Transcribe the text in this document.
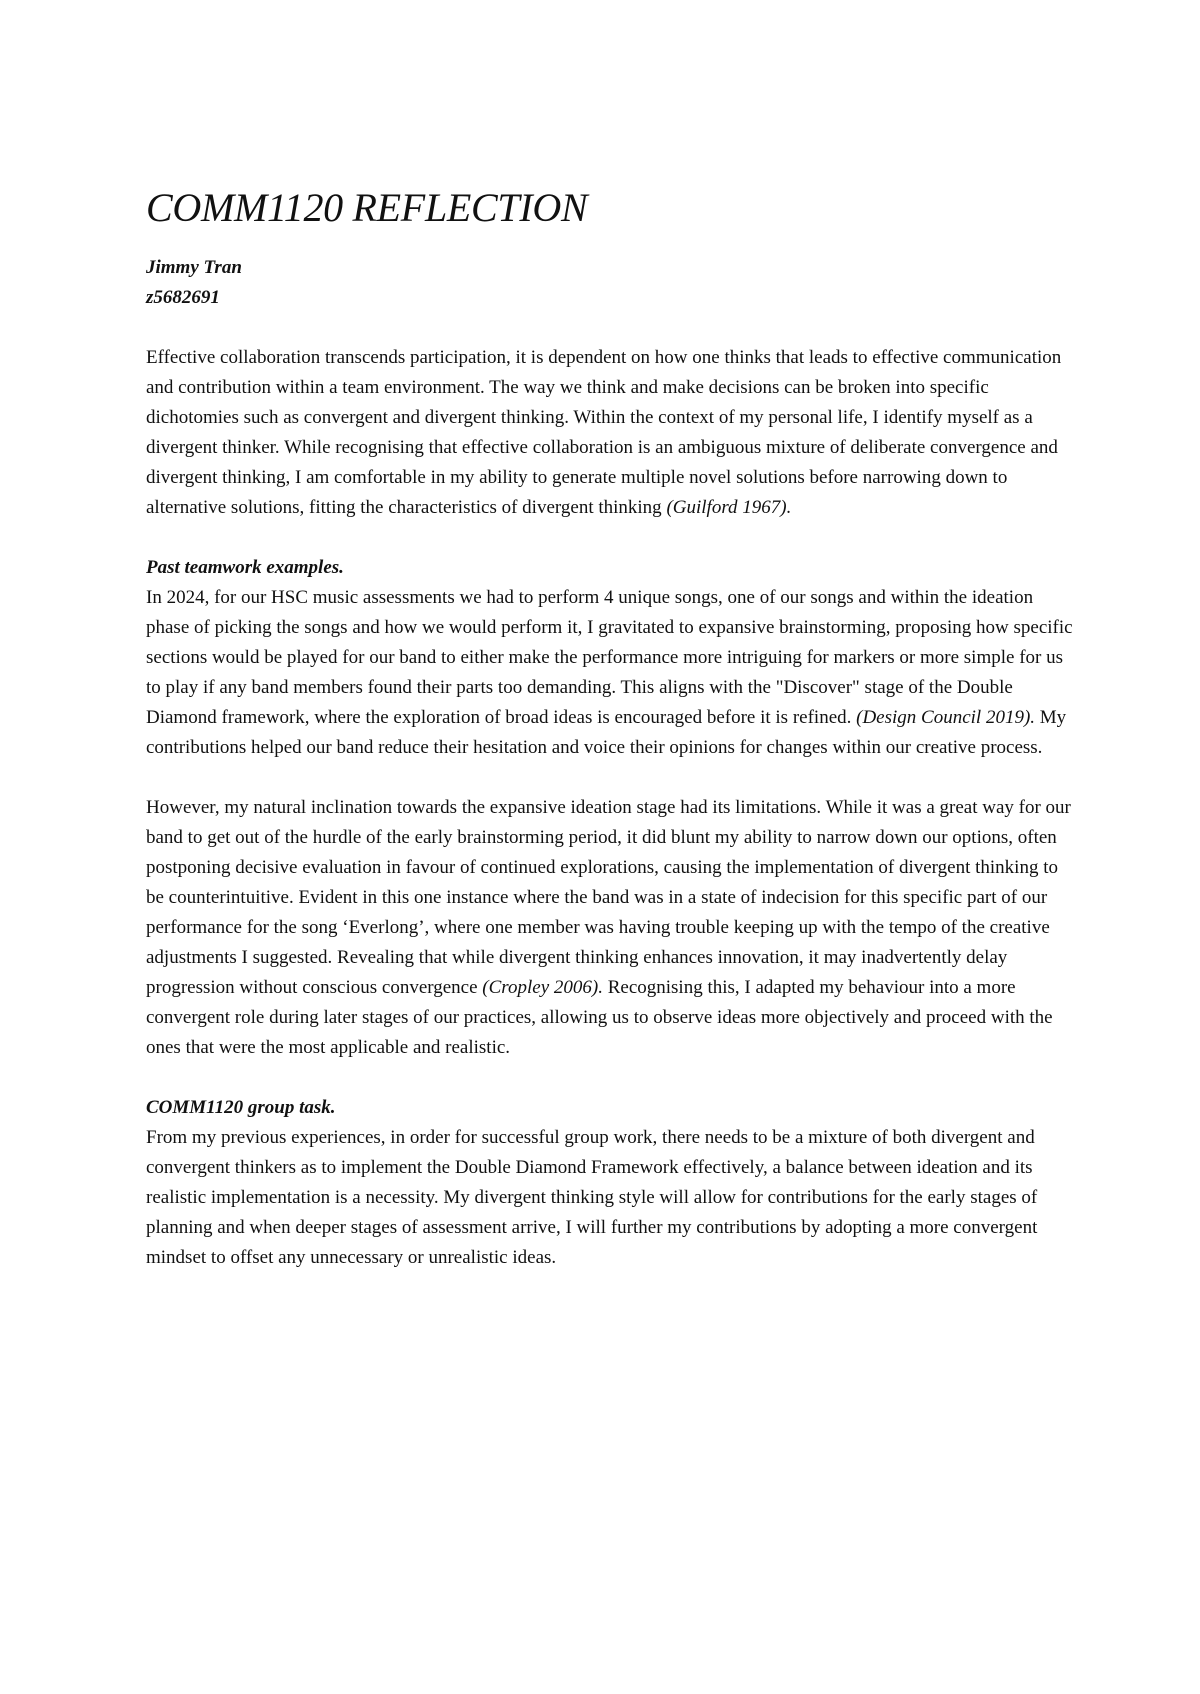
COMM1120 REFLECTION
Jimmy Tran
z5682691

Effective collaboration transcends participation, it is dependent on how one thinks that leads to effective communication and contribution within a team environment. The way we think and make decisions can be broken into specific dichotomies such as convergent and divergent thinking. Within the context of my personal life, I identify myself as a divergent thinker. While recognising that effective collaboration is an ambiguous mixture of deliberate convergence and divergent thinking, I am comfortable in my ability to generate multiple novel solutions before narrowing down to alternative solutions, fitting the characteristics of divergent thinking (Guilford 1967).

Past teamwork examples.

In 2024, for our HSC music assessments we had to perform 4 unique songs, one of our songs and within the ideation phase of picking the songs and how we would perform it, I gravitated to expansive brainstorming, proposing how specific sections would be played for our band to either make the performance more intriguing for markers or more simple for us to play if any band members found their parts too demanding. This aligns with the "Discover" stage of the Double Diamond framework, where the exploration of broad ideas is encouraged before it is refined. (Design Council 2019). My contributions helped our band reduce their hesitation and voice their opinions for changes within our creative process.

However, my natural inclination towards the expansive ideation stage had its limitations. While it was a great way for our band to get out of the hurdle of the early brainstorming period, it did blunt my ability to narrow down our options, often postponing decisive evaluation in favour of continued explorations, causing the implementation of divergent thinking to be counterintuitive. Evident in this one instance where the band was in a state of indecision for this specific part of our performance for the song ‘Everlong’, where one member was having trouble keeping up with the tempo of the creative adjustments I suggested. Revealing that while divergent thinking enhances innovation, it may inadvertently delay progression without conscious convergence (Cropley 2006). Recognising this, I adapted my behaviour into a more convergent role during later stages of our practices, allowing us to observe ideas more objectively and proceed with the ones that were the most applicable and realistic.

COMM1120 group task.

From my previous experiences, in order for successful group work, there needs to be a mixture of both divergent and convergent thinkers as to implement the Double Diamond Framework effectively, a balance between ideation and its realistic implementation is a necessity. My divergent thinking style will allow for contributions for the early stages of planning and when deeper stages of assessment arrive, I will further my contributions by adopting a more convergent mindset to offset any unnecessary or unrealistic ideas.
